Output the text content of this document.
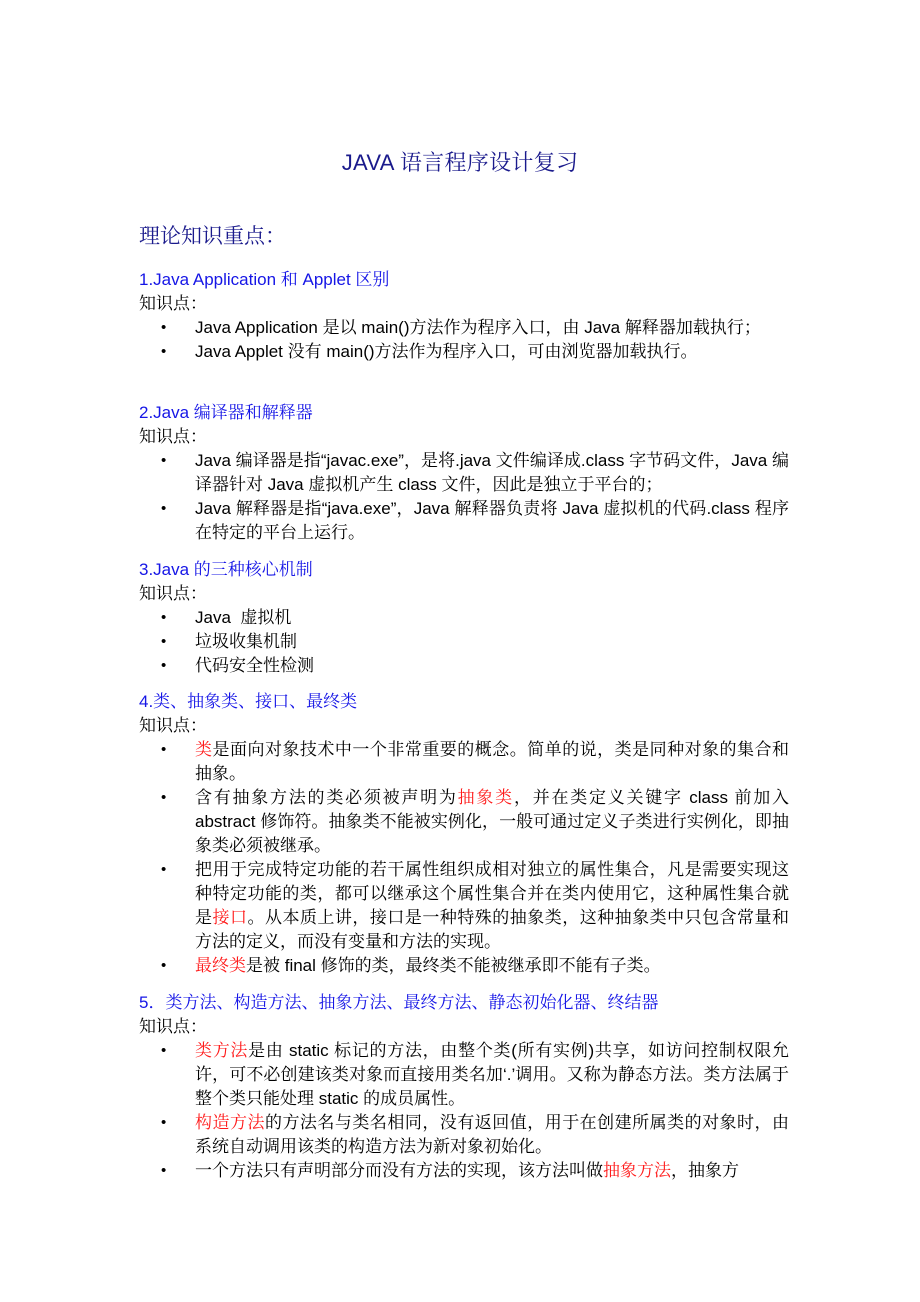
JAVA 语言程序设计复习
理论知识重点：
1.Java Application 和 Applet 区别
知识点：
• Java Application 是以 main()方法作为程序入口，由 Java 解释器加载执行；
• Java Applet 没有 main()方法作为程序入口，可由浏览器加载执行。
2.Java 编译器和解释器
知识点：
• Java 编译器是指“javac.exe”，是将.java 文件编译成.class 字节码文件，Java 编译器针对 Java 虚拟机产生 class 文件，因此是独立于平台的；
• Java 解释器是指“java.exe”，Java 解释器负责将 Java 虚拟机的代码.class 程序在特定的平台上运行。
3.Java 的三种核心机制
知识点：
• Java  虚拟机
• 垃圾收集机制
• 代码安全性检测
4.类、抽象类、接口、最终类
知识点：
• 类是面向对象技术中一个非常重要的概念。简单的说，类是同种对象的集合和抽象。
• 含有抽象方法的类必须被声明为抽象类，并在类定义关键字 class 前加入 abstract 修饰符。抽象类不能被实例化，一般可通过定义子类进行实例化，即抽象类必须被继承。
• 把用于完成特定功能的若干属性组织成相对独立的属性集合，凡是需要实现这种特定功能的类，都可以继承这个属性集合并在类内使用它，这种属性集合就是接口。从本质上讲，接口是一种特殊的抽象类，这种抽象类中只包含常量和方法的定义，而没有变量和方法的实现。
• 最终类是被 final 修饰的类，最终类不能被继承即不能有子类。
5．类方法、构造方法、抽象方法、最终方法、静态初始化器、终结器
知识点：
• 类方法是由 static 标记的方法，由整个类(所有实例)共享，如访问控制权限允许，可不必创建该类对象而直接用类名加‘.’调用。又称为静态方法。类方法属于整个类只能处理 static 的成员属性。
• 构造方法的方法名与类名相同，没有返回值，用于在创建所属类的对象时，由系统自动调用该类的构造方法为新对象初始化。
• 一个方法只有声明部分而没有方法的实现，该方法叫做抽象方法，抽象方
